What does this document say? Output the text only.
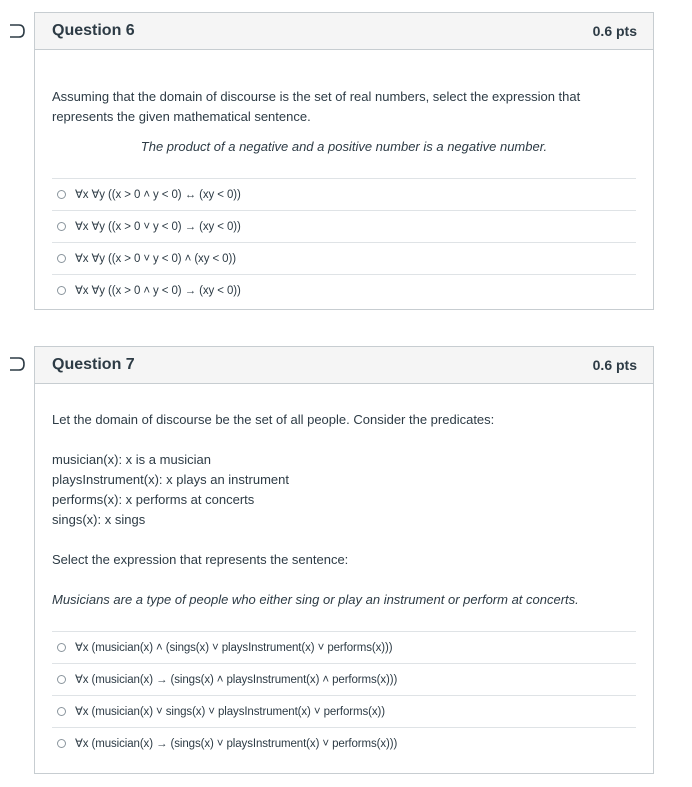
Question 6	0.6 pts

Assuming that the domain of discourse is the set of real numbers, select the expression that represents the given mathematical sentence.

The product of a negative and a positive number is a negative number.

∀x ∀y ((x > 0 ˄ y < 0) ↔ (xy < 0))
∀x ∀y ((x > 0 ˅ y < 0) → (xy < 0))
∀x ∀y ((x > 0 ˅ y < 0) ˄ (xy < 0))
∀x ∀y ((x > 0 ˄ y < 0) → (xy < 0))
Question 7	0.6 pts

Let the domain of discourse be the set of all people. Consider the predicates:

musician(x): x is a musician

playsInstrument(x): x plays an instrument

performs(x): x performs at concerts

sings(x): x sings

Select the expression that represents the sentence:

Musicians are a type of people who either sing or play an instrument or perform at concerts.

∀x (musician(x) ˄ (sings(x) ˅ playsInstrument(x) ˅ performs(x)))
∀x (musician(x) → (sings(x) ˄ playsInstrument(x) ˄ performs(x)))
∀x (musician(x) ˅ sings(x) ˅ playsInstrument(x) ˅ performs(x))
∀x (musician(x) → (sings(x) ˅ playsInstrument(x) ˅ performs(x)))
